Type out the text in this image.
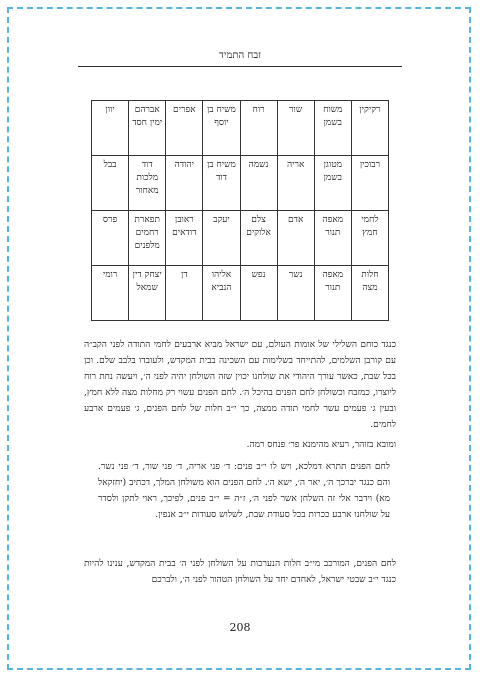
זבח התמיד
רקיקין	משוח בשמן	שור	רוח	משיח בן יוסף	אפרים	אברהם ימין חסד	יוון
רבוכין	מטוגן בשמן	אריה	נשמה	משיח בן דוד	יהודה	דוד מלכות מאחור	בבל
לחמי חמץ	מאפה תנור	אדם	צלם אלוקים	יעקב	ראובן דודאים	תפארת רחמים מלפנים	פרס
חלות מצה	מאפה תנור	נשר	נפש	אליהו הנביא	דן	יצחק דין שמאל	רומי
כנגד כוחם השלילי של אומות העולם, עם ישראל מביא ארבעים לחמי התודה לפני הקב״ה עם קורבן השלמים, להתייחד בשלימות עם השכינה בבית המקדש, ולעובדו בלבב שלם. וכן בכל שבת, כאשר עורך היהודי את שולחנו יכוין שזה השולחן יהיה לפני ה׳, ויעשה נחת רוח ליוצרו, כמזבח וכשולחן לחם הפנים בהיכל ה׳. לחם הפנים עשוי רק מחלות מצה ללא חמץ, ובעין ג׳ פעמים עשר לחמי תודה ממצה, כך י״ב חלות של לחם הפנים, ג׳ פעמים ארבע לחמים.
ומובא בזוהר, רעיא מהימנא פר׳ פנחס רמה.
לחם הפנים תתרא דמלכא, ויש לו י״ב פנים: ד׳ פני אריה, ד׳ פני שור, ד׳ פני נשר. והם כנגד יברכך ה׳, יאר ה׳, ישא ה׳. לחם הפנים הוא משולחן המלך, דכתיב (יחזקאל מא) וידבר אלי זה השלחן אשר לפני ה׳, ז״ה = י״ב פנים, לפיכך, ראוי לתקן ולסדר על שולחנו ארבע ככרות בכל סעודת שבת, לשלוש סעודות י״ב אנפין.
לחם הפנים, המורכב מי״ב חלות הנערכות על השולחן לפני ה׳ בבית המקדש, ענינו להיות כנגד י״ב שבטי ישראל, לאחדם יחד על השולחן הטהור לפני ה׳, ולברכם
208
